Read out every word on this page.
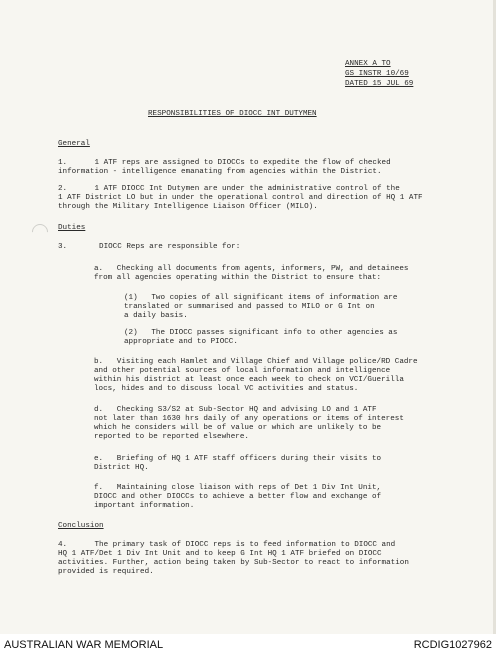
ANNEX A TO
GS INSTR 10/69
DATED 15 JUL 69
RESPONSIBILITIES OF DIOCC INT DUTYMEN
General
1.      1 ATF reps are assigned to DIOCCs to expedite the flow of checked
information - intelligence emanating from agencies within the District.
2.      1 ATF DIOCC Int Dutymen are under the administrative control of the
1 ATF District LO but in under the operational control and direction of HQ 1 ATF
through the Military Intelligence Liaison Officer (MILO).
Duties
3.       DIOCC Reps are responsible for:
a.   Checking all documents from agents, informers, PW, and detainees
from all agencies operating within the District to ensure that:
(1)   Two copies of all significant items of information are
translated or summarised and passed to MILO or G Int on
a daily basis.
(2)   The DIOCC passes significant info to other agencies as
appropriate and to PIOCC.
b.   Visiting each Hamlet and Village Chief and Village police/RD Cadre
and other potential sources of local information and intelligence
within his district at least once each week to check on VCI/Guerilla
locs, hides and to discuss local VC activities and status.
d.   Checking S3/S2 at Sub-Sector HQ and advising LO and 1 ATF
not later than 1630 hrs daily of any operations or items of interest
which he considers will be of value or which are unlikely to be
reported to be reported elsewhere.
e.   Briefing of HQ 1 ATF staff officers during their visits to
District HQ.
f.   Maintaining close liaison with reps of Det 1 Div Int Unit,
DIOCC and other DIOCCs to achieve a better flow and exchange of
important information.
Conclusion
4.      The primary task of DIOCC reps is to feed information to DIOCC and
HQ 1 ATF/Det 1 Div Int Unit and to keep G Int HQ 1 ATF briefed on DIOCC
activities. Further, action being taken by Sub-Sector to react to information
provided is required.
AUSTRALIAN WAR MEMORIAL	RCDIG1027962
